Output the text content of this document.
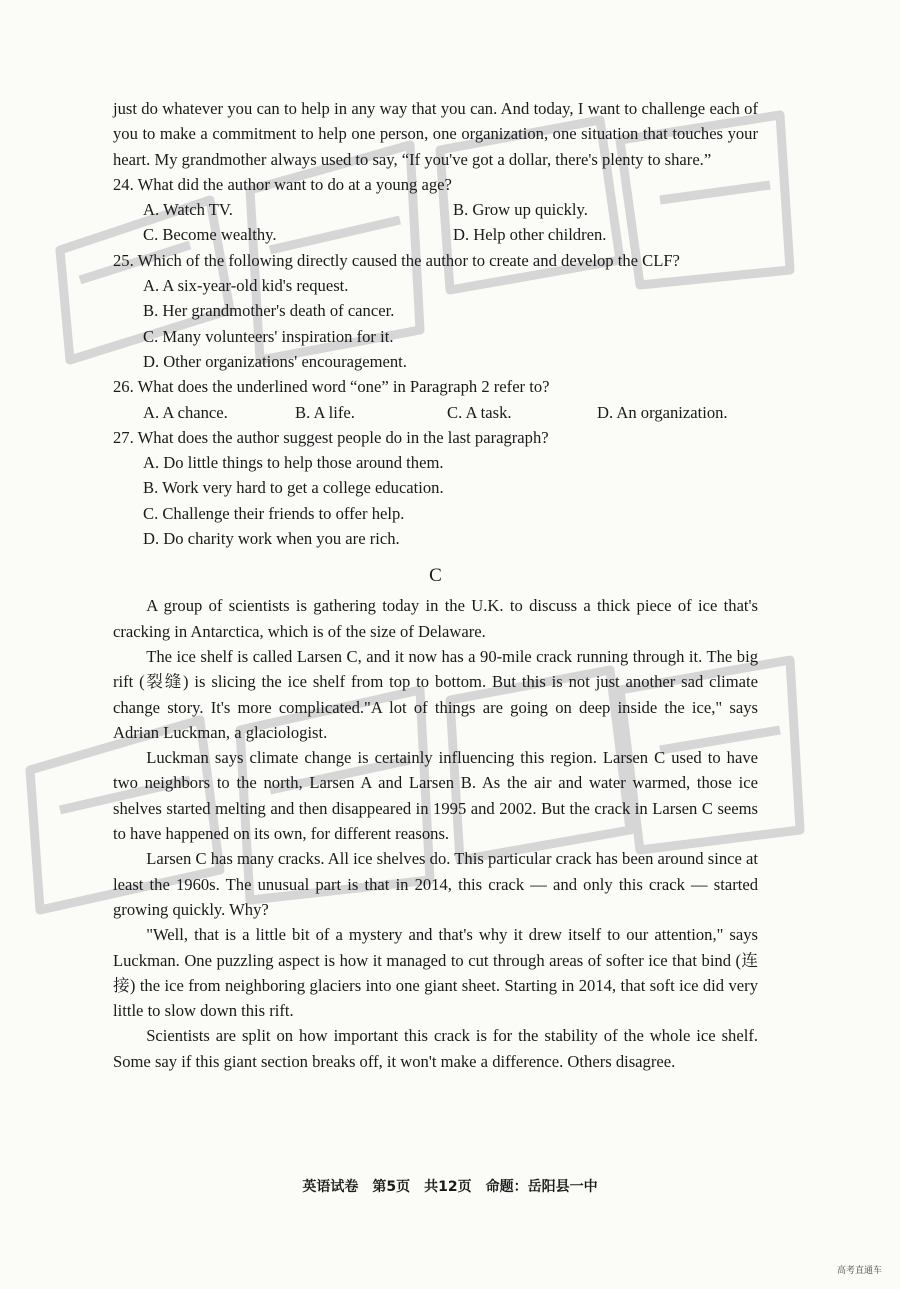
just do whatever you can to help in any way that you can. And today, I want to challenge each of you to make a commitment to help one person, one organization, one situation that touches your heart. My grandmother always used to say, “If you've got a dollar, there's plenty to share.”

24. What did the author want to do at a young age?

A. Watch TV.	B. Grow up quickly.
C. Become wealthy.	D. Help other children.

25. Which of the following directly caused the author to create and develop the CLF?

A. A six-year-old kid's request.
B. Her grandmother's death of cancer.
C. Many volunteers' inspiration for it.
D. Other organizations' encouragement.

26. What does the underlined word “one” in Paragraph 2 refer to?

A. A chance.	B. A life.	C. A task.	D. An organization.

27. What does the author suggest people do in the last paragraph?

A. Do little things to help those around them.
B. Work very hard to get a college education.
C. Challenge their friends to offer help.
D. Do charity work when you are rich.
C

A group of scientists is gathering today in the U.K. to discuss a thick piece of ice that's cracking in Antarctica, which is of the size of Delaware.

The ice shelf is called Larsen C, and it now has a 90-mile crack running through it. The big rift (裂缝) is slicing the ice shelf from top to bottom. But this is not just another sad climate change story. It's more complicated."A lot of things are going on deep inside the ice," says Adrian Luckman, a glaciologist.

Luckman says climate change is certainly influencing this region. Larsen C used to have two neighbors to the north, Larsen A and Larsen B. As the air and water warmed, those ice shelves started melting and then disappeared in 1995 and 2002. But the crack in Larsen C seems to have happened on its own, for different reasons.

Larsen C has many cracks. All ice shelves do. This particular crack has been around since at least the 1960s. The unusual part is that in 2014, this crack — and only this crack — started growing quickly. Why?

"Well, that is a little bit of a mystery and that's why it drew itself to our attention," says Luckman. One puzzling aspect is how it managed to cut through areas of softer ice that bind (连接) the ice from neighboring glaciers into one giant sheet. Starting in 2014, that soft ice did very little to slow down this rift.

Scientists are split on how important this crack is for the stability of the whole ice shelf. Some say if this giant section breaks off, it won't make a difference. Others disagree.

英语试卷　第5页　共12页　命题：岳阳县一中
高考直通车
